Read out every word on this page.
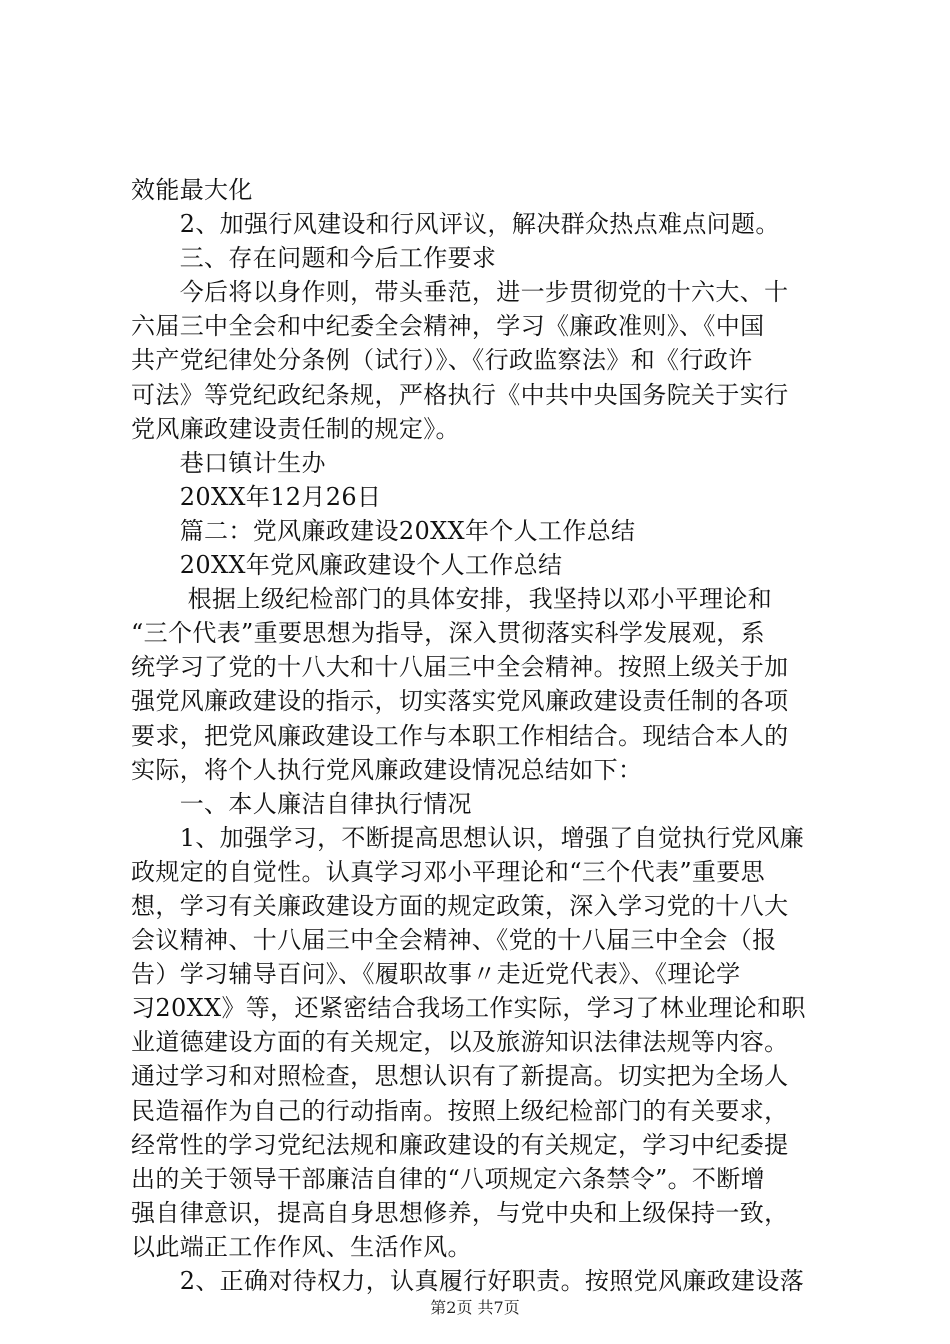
效能最大化

　　2、加强行风建设和行风评议，解决群众热点难点问题。

　　三、存在问题和今后工作要求

　　今后将以身作则，带头垂范，进一步贯彻党的十六大、十

六届三中全会和中纪委全会精神，学习《廉政准则》、《中国

共产党纪律处分条例（试行）》、《行政监察法》和《行政许

可法》等党纪政纪条规，严格执行《中共中央国务院关于实行

党风廉政建设责任制的规定》。

　　巷口镇计生办

　　20XX年12月26日

　　篇二：党风廉政建设20XX年个人工作总结

　　20XX年党风廉政建设个人工作总结

　　 根据上级纪检部门的具体安排，我坚持以邓小平理论和

“三个代表”重要思想为指导，深入贯彻落实科学发展观，系

统学习了党的十八大和十八届三中全会精神。按照上级关于加

强党风廉政建设的指示，切实落实党风廉政建设责任制的各项

要求，把党风廉政建设工作与本职工作相结合。现结合本人的

实际，将个人执行党风廉政建设情况总结如下：

　　一、本人廉洁自律执行情况

　　1、加强学习，不断提高思想认识，增强了自觉执行党风廉

政规定的自觉性。认真学习邓小平理论和“三个代表”重要思

想，学习有关廉政建设方面的规定政策，深入学习党的十八大

会议精神、十八届三中全会精神、《党的十八届三中全会（报

告）学习辅导百问》、《履职故事〃走近党代表》、《理论学

习20XX》等，还紧密结合我场工作实际，学习了林业理论和职

业道德建设方面的有关规定，以及旅游知识法律法规等内容。

通过学习和对照检查，思想认识有了新提高。切实把为全场人

民造福作为自己的行动指南。按照上级纪检部门的有关要求，

经常性的学习党纪法规和廉政建设的有关规定，学习中纪委提

出的关于领导干部廉洁自律的“八项规定六条禁令”。不断增

强自律意识，提高自身思想修养，与党中央和上级保持一致，

以此端正工作作风、生活作风。

　　2、正确对待权力，认真履行好职责。按照党风廉政建设落

第2页 共7页
